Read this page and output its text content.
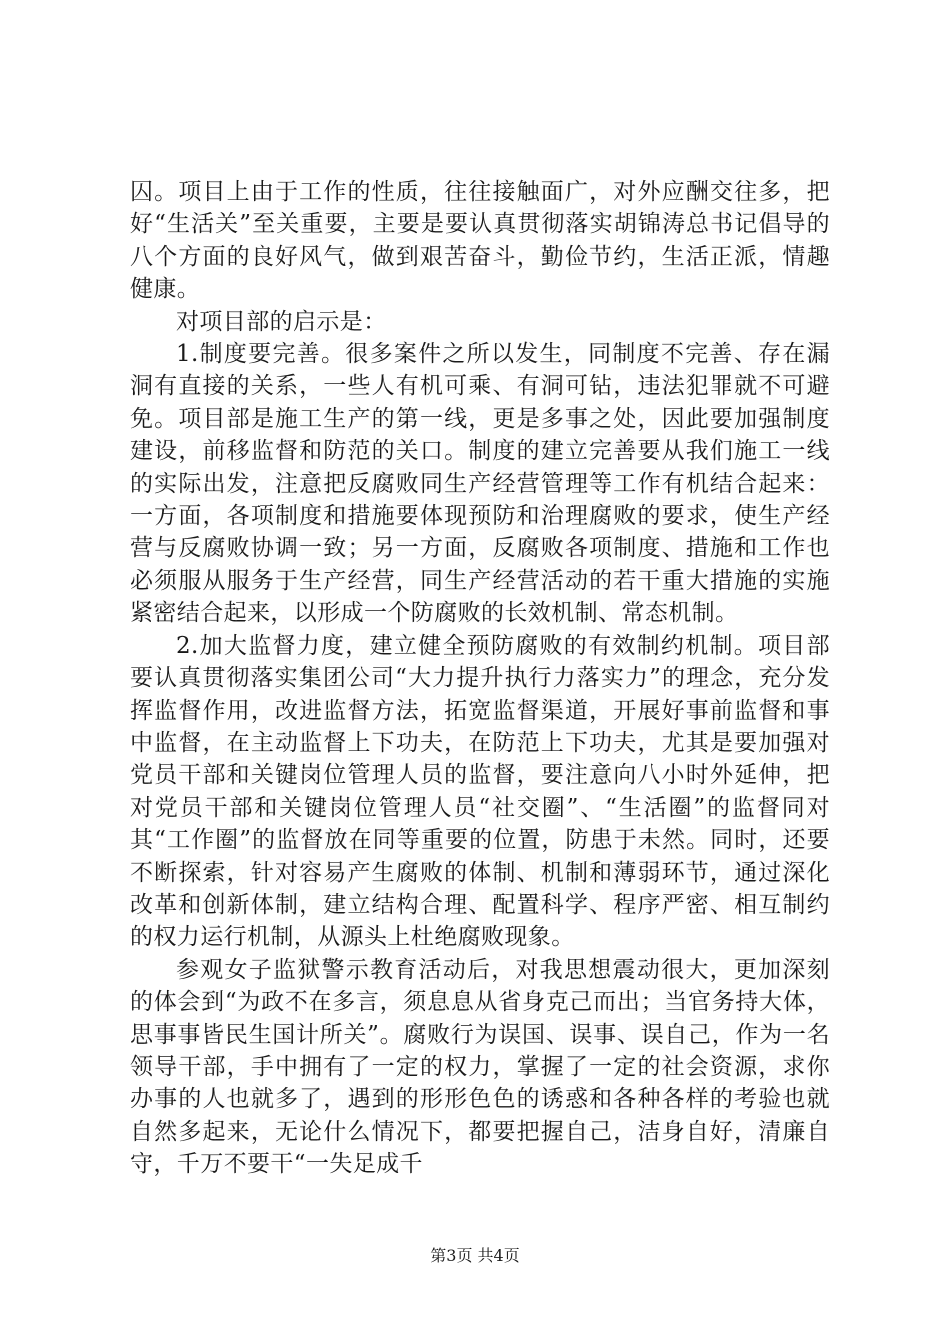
囚。项目上由于工作的性质，往往接触面广，对外应酬交往多，把好“生活关”至关重要，主要是要认真贯彻落实胡锦涛总书记倡导的八个方面的良好风气，做到艰苦奋斗，勤俭节约，生活正派，情趣健康。

对项目部的启示是：

1.制度要完善。很多案件之所以发生，同制度不完善、存在漏洞有直接的关系，一些人有机可乘、有洞可钻，违法犯罪就不可避免。项目部是施工生产的第一线，更是多事之处，因此要加强制度建设，前移监督和防范的关口。制度的建立完善要从我们施工一线的实际出发，注意把反腐败同生产经营管理等工作有机结合起来：一方面，各项制度和措施要体现预防和治理腐败的要求，使生产经营与反腐败协调一致；另一方面，反腐败各项制度、措施和工作也必须服从服务于生产经营，同生产经营活动的若干重大措施的实施紧密结合起来，以形成一个防腐败的长效机制、常态机制。

2.加大监督力度，建立健全预防腐败的有效制约机制。项目部要认真贯彻落实集团公司“大力提升执行力落实力”的理念，充分发挥监督作用，改进监督方法，拓宽监督渠道，开展好事前监督和事中监督，在主动监督上下功夫，在防范上下功夫，尤其是要加强对党员干部和关键岗位管理人员的监督，要注意向八小时外延伸，把对党员干部和关键岗位管理人员“社交圈”、“生活圈”的监督同对其“工作圈”的监督放在同等重要的位置，防患于未然。同时，还要不断探索，针对容易产生腐败的体制、机制和薄弱环节，通过深化改革和创新体制，建立结构合理、配置科学、程序严密、相互制约的权力运行机制，从源头上杜绝腐败现象。

参观女子监狱警示教育活动后，对我思想震动很大，更加深刻的体会到“为政不在多言，须息息从省身克己而出；当官务持大体，思事事皆民生国计所关”。腐败行为误国、误事、误自己，作为一名领导干部，手中拥有了一定的权力，掌握了一定的社会资源，求你办事的人也就多了，遇到的形形色色的诱惑和各种各样的考验也就自然多起来，无论什么情况下，都要把握自己，洁身自好，清廉自守，千万不要干“一失足成千

第3页 共4页
